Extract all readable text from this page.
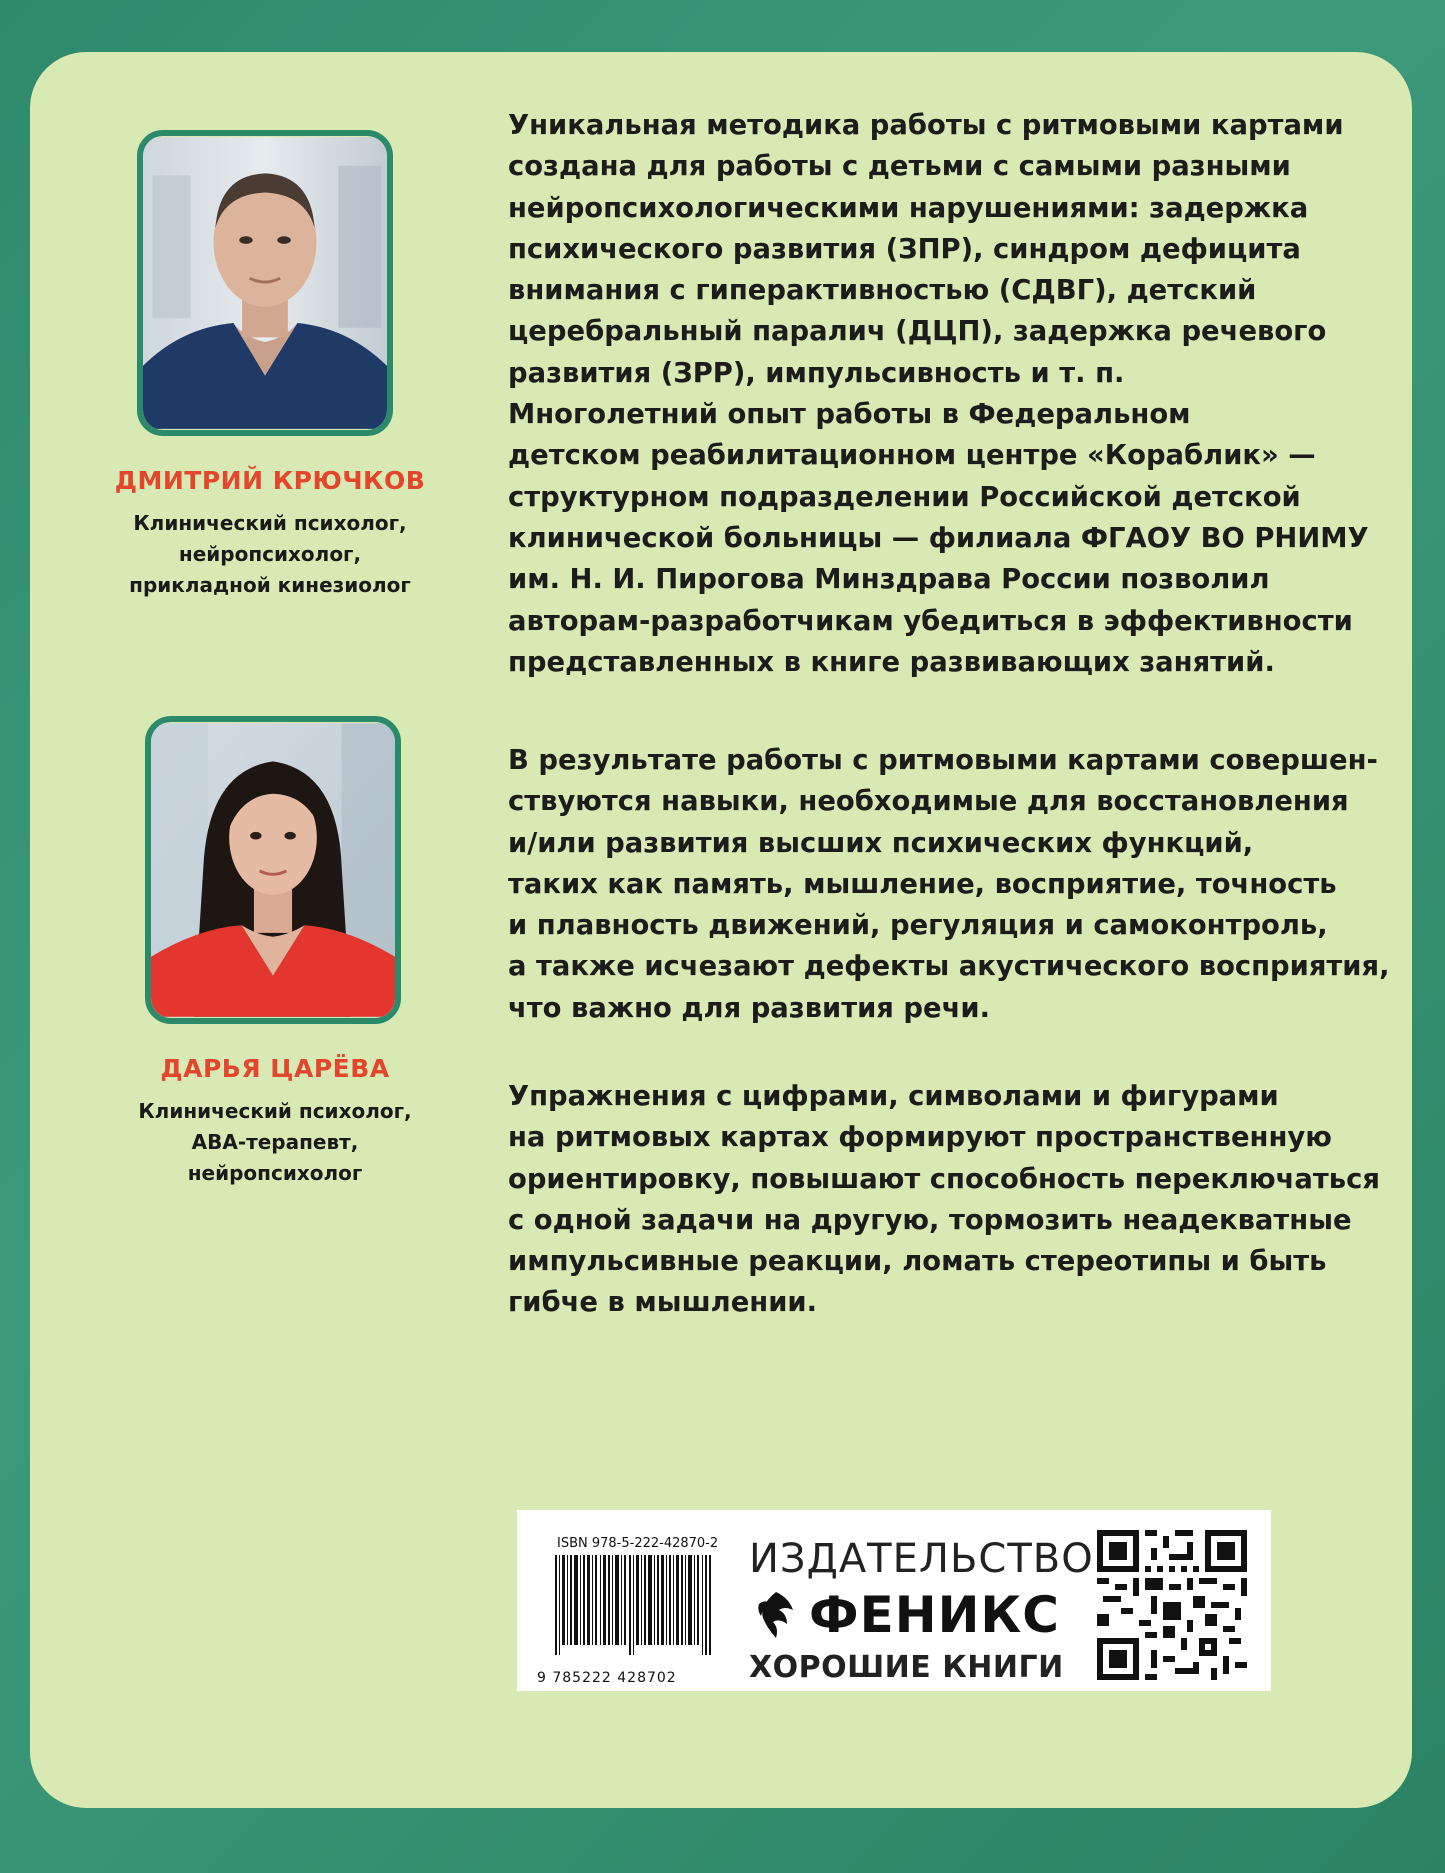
ДМИТРИЙ КРЮЧКОВ
Клинический психолог,
нейропсихолог,
прикладной кинезиолог
ДАРЬЯ ЦАРЁВА
Клинический психолог,
АВА-терапевт,
нейропсихолог
Уникальная методика работы с ритмовыми картами
создана для работы с детьми с самыми разными
нейропсихологическими нарушениями: задержка
психического развития (ЗПР), синдром дефицита
внимания с гиперактивностью (СДВГ), детский
церебральный паралич (ДЦП), задержка речевого
развития (ЗРР), импульсивность и т. п.
Многолетний опыт работы в Федеральном
детском реабилитационном центре «Кораблик» —
структурном подразделении Российской детской
клинической больницы — филиала ФГАОУ ВО РНИМУ
им. Н. И. Пирогова Минздрава России позволил
авторам-разработчикам убедиться в эффективности
представленных в книге развивающих занятий.
В результате работы с ритмовыми картами совершен-
ствуются навыки, необходимые для восстановления
и/или развития высших психических функций,
таких как память, мышление, восприятие, точность
и плавность движений, регуляция и самоконтроль,
а также исчезают дефекты акустического восприятия,
что важно для развития речи.
Упражнения с цифрами, символами и фигурами
на ритмовых картах формируют пространственную
ориентировку, повышают способность переключаться
с одной задачи на другую, тормозить неадекватные
импульсивные реакции, ломать стереотипы и быть
гибче в мышлении.
ISBN 978-5-222-42870-2
9 785222 428702
ИЗДАТЕЛЬСТВО
ФЕНИКС
ХОРОШИЕ КНИГИ
